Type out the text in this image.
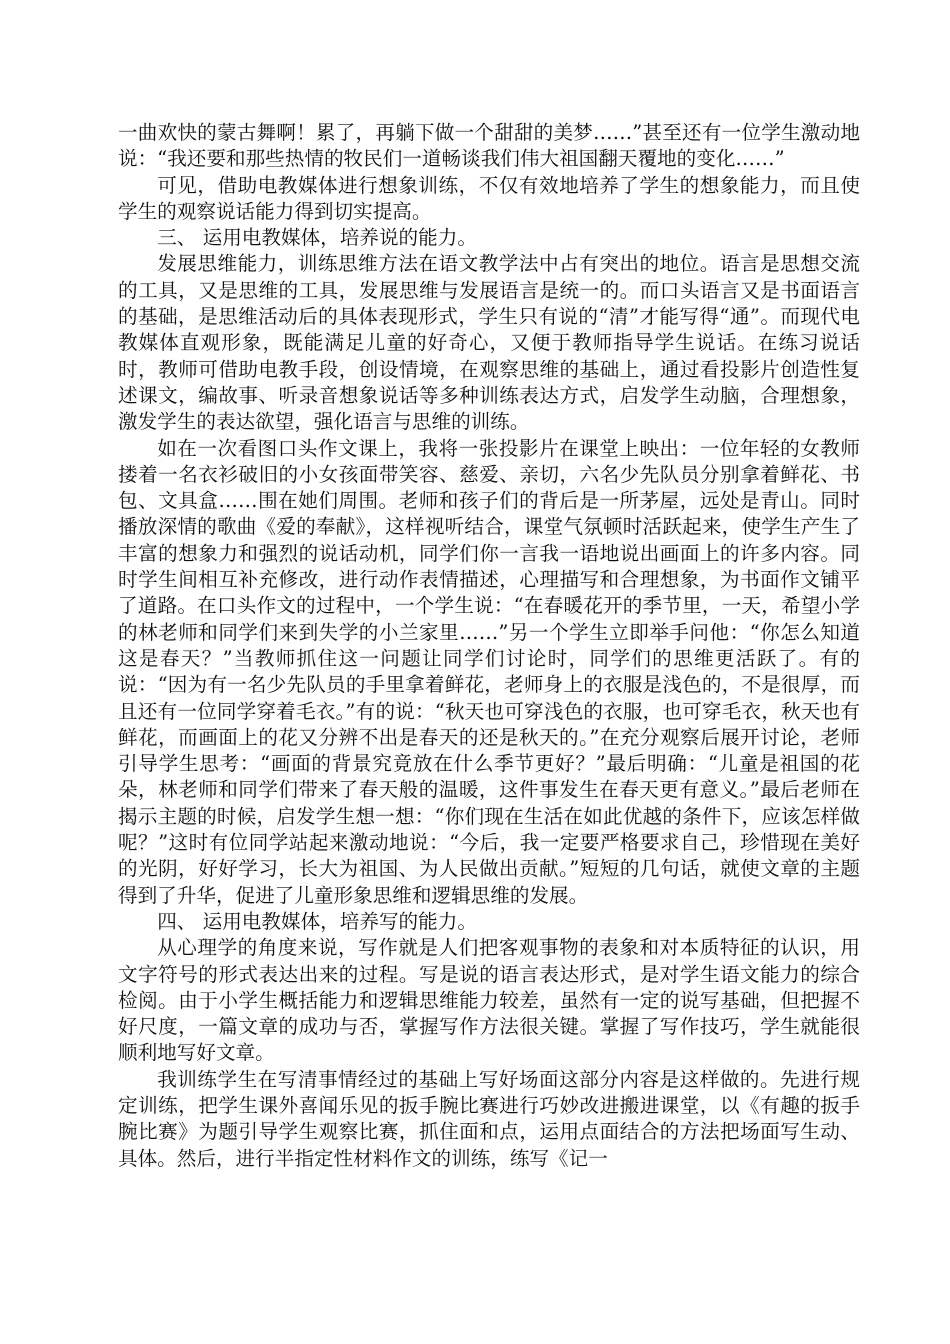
一曲欢快的蒙古舞啊！累了，再躺下做一个甜甜的美梦……”甚至还有一位学生激动地说：“我还要和那些热情的牧民们一道畅谈我们伟大祖国翻天覆地的变化……”

可见，借助电教媒体进行想象训练，不仅有效地培养了学生的想象能力，而且使学生的观察说话能力得到切实提高。

三、 运用电教媒体，培养说的能力。

发展思维能力，训练思维方法在语文教学法中占有突出的地位。语言是思想交流的工具，又是思维的工具，发展思维与发展语言是统一的。而口头语言又是书面语言的基础，是思维活动后的具体表现形式，学生只有说的“清”才能写得“通”。而现代电教媒体直观形象，既能满足儿童的好奇心，又便于教师指导学生说话。在练习说话时，教师可借助电教手段，创设情境，在观察思维的基础上，通过看投影片创造性复述课文，编故事、听录音想象说话等多种训练表达方式，启发学生动脑，合理想象，激发学生的表达欲望，强化语言与思维的训练。

如在一次看图口头作文课上，我将一张投影片在课堂上映出：一位年轻的女教师搂着一名衣衫破旧的小女孩面带笑容、慈爱、亲切，六名少先队员分别拿着鲜花、书包、文具盒……围在她们周围。老师和孩子们的背后是一所茅屋，远处是青山。同时播放深情的歌曲《爱的奉献》，这样视听结合，课堂气氛顿时活跃起来，使学生产生了丰富的想象力和强烈的说话动机，同学们你一言我一语地说出画面上的许多内容。同时学生间相互补充修改，进行动作表情描述，心理描写和合理想象，为书面作文铺平了道路。在口头作文的过程中，一个学生说：“在春暖花开的季节里，一天，希望小学的林老师和同学们来到失学的小兰家里……”另一个学生立即举手问他：“你怎么知道这是春天？”当教师抓住这一问题让同学们讨论时，同学们的思维更活跃了。有的说：“因为有一名少先队员的手里拿着鲜花，老师身上的衣服是浅色的，不是很厚，而且还有一位同学穿着毛衣。”有的说：“秋天也可穿浅色的衣服，也可穿毛衣，秋天也有鲜花，而画面上的花又分辨不出是春天的还是秋天的。”在充分观察后展开讨论，老师引导学生思考：“画面的背景究竟放在什么季节更好？”最后明确：“儿童是祖国的花朵，林老师和同学们带来了春天般的温暖，这件事发生在春天更有意义。”最后老师在揭示主题的时候，启发学生想一想：“你们现在生活在如此优越的条件下，应该怎样做呢？”这时有位同学站起来激动地说：“今后，我一定要严格要求自己，珍惜现在美好的光阴，好好学习，长大为祖国、为人民做出贡献。”短短的几句话，就使文章的主题得到了升华，促进了儿童形象思维和逻辑思维的发展。

四、 运用电教媒体，培养写的能力。

从心理学的角度来说，写作就是人们把客观事物的表象和对本质特征的认识，用文字符号的形式表达出来的过程。写是说的语言表达形式，是对学生语文能力的综合检阅。由于小学生概括能力和逻辑思维能力较差，虽然有一定的说写基础，但把握不好尺度，一篇文章的成功与否，掌握写作方法很关键。掌握了写作技巧，学生就能很顺利地写好文章。

我训练学生在写清事情经过的基础上写好场面这部分内容是这样做的。先进行规定训练，把学生课外喜闻乐见的扳手腕比赛进行巧妙改进搬进课堂，以《有趣的扳手腕比赛》为题引导学生观察比赛，抓住面和点，运用点面结合的方法把场面写生动、具体。然后，进行半指定性材料作文的训练，练写《记一
